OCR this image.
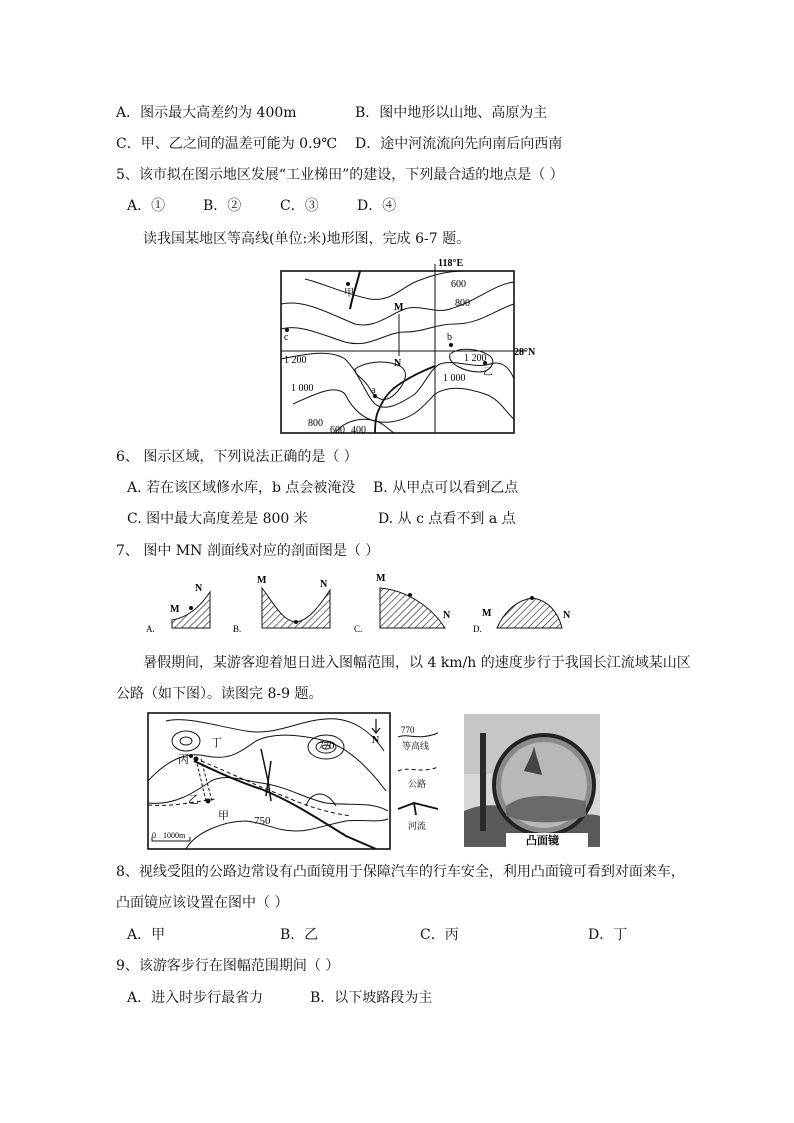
A．图示最大高差约为 400m	B．图中地形以山地、高原为主
C．甲、乙之间的温差可能为 0.9℃ D．途中河流流向先向南后向西南
5、该市拟在图示地区发展“工业梯田”的建设，下列最合适的地点是（ ）
A．①	B．②	C．③	D．④
读我国某地区等高线(单位:米)地形图，完成 6-7 题。
118°E
28°N
600
800
1 200
1 000
1 200
1 000
800
600 400
甲
乙
a
b
c
M
N
6、 图示区域，下列说法正确的是（ ）
A. 若在该区域修水库，b 点会被淹没 B. 从甲点可以看到乙点
C. 图中最大高度差是 800 米	D. 从 c 点看不到 a 点
7、 图中 MN 剖面线对应的剖面图是（ ）
A.
M
N
B.
M	N
C.
M
N
D.
M	N
暑假期间，某游客迎着旭日进入图幅范围，以 4 km/h 的速度步行于我国长江流域某山区
公路（如下图）。读图完 8-9 题。
770
750
N
丁
丙
乙
甲
0 1000m
770
等高线
公路
河流
凸面镜
8、视线受阻的公路边常设有凸面镜用于保障汽车的行车安全，利用凸面镜可看到对面来车，
凸面镜应该设置在图中（ ）
A．甲	B．乙	C．丙	D．丁
9、该游客步行在图幅范围期间（ ）
A．进入时步行最省力	B．以下坡路段为主
